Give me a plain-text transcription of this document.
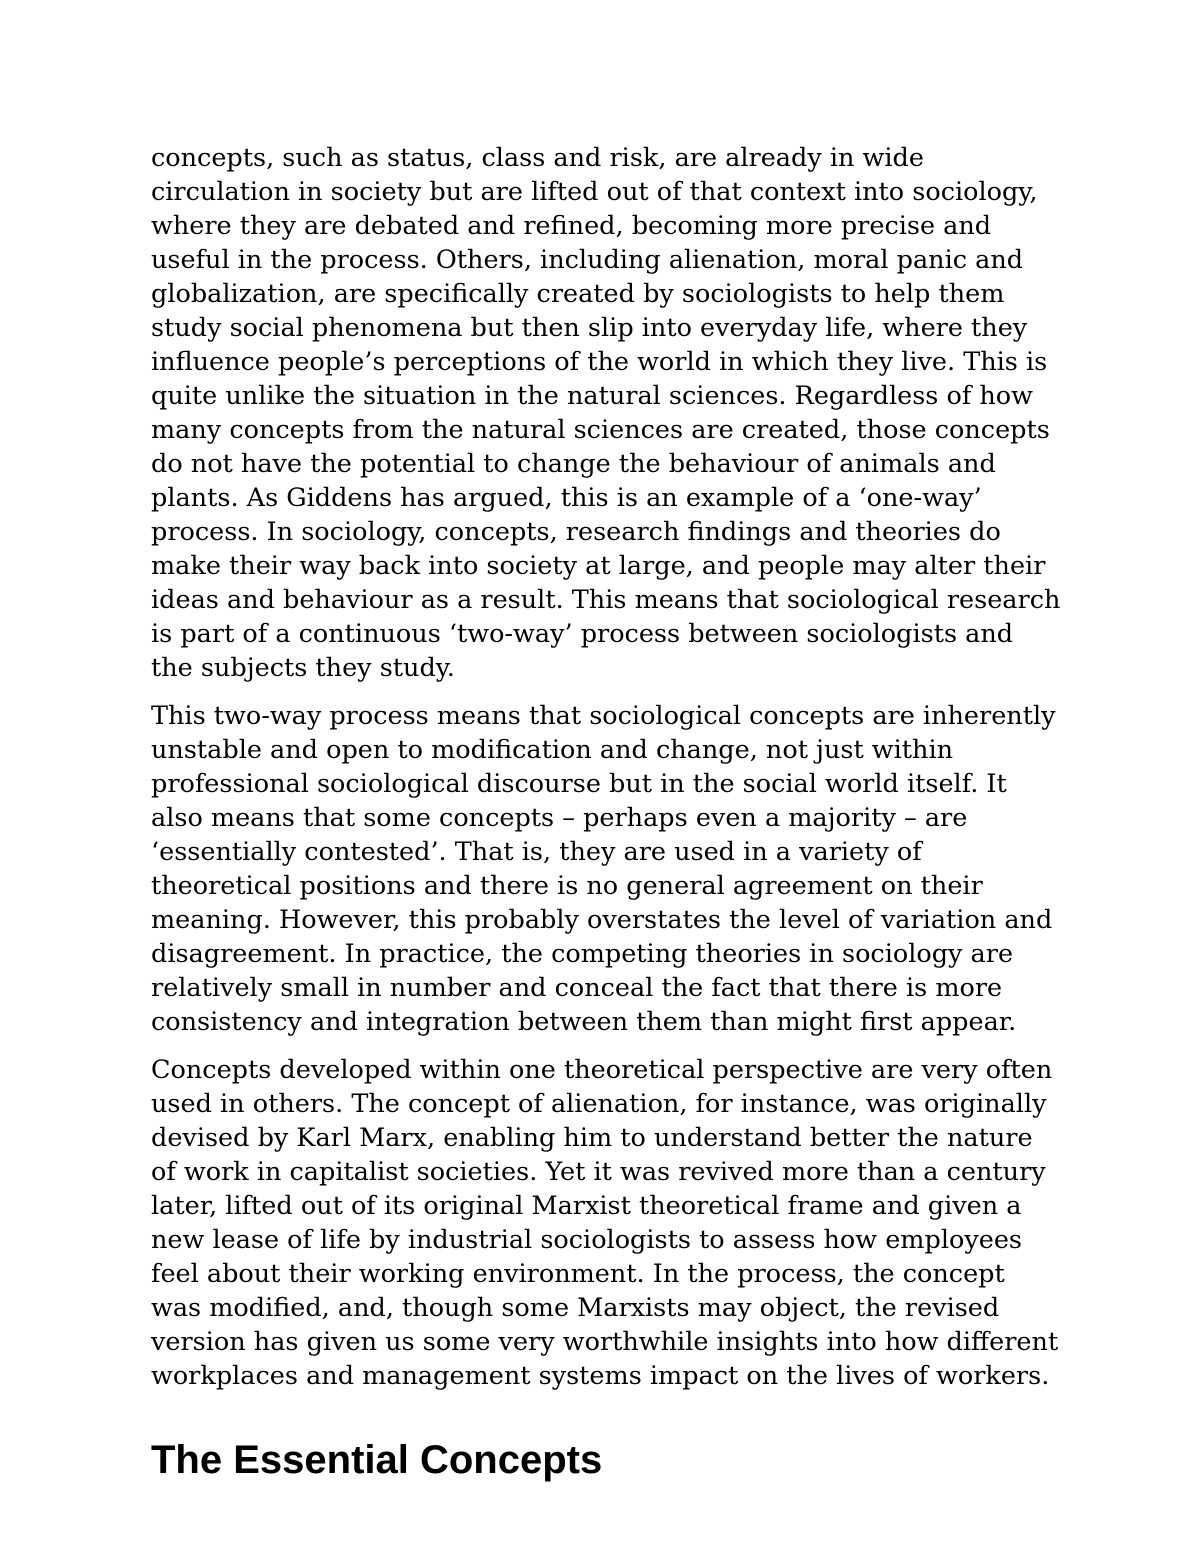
concepts, such as status, class and risk, are already in wide circulation in society but are lifted out of that context into sociology, where they are debated and refined, becoming more precise and useful in the process. Others, including alienation, moral panic and globalization, are specifically created by sociologists to help them study social phenomena but then slip into everyday life, where they influence people’s perceptions of the world in which they live. This is quite unlike the situation in the natural sciences. Regardless of how many concepts from the natural sciences are created, those concepts do not have the potential to change the behaviour of animals and plants. As Giddens has argued, this is an example of a ‘one-way’ process. In sociology, concepts, research findings and theories do make their way back into society at large, and people may alter their ideas and behaviour as a result. This means that sociological research is part of a continuous ‘two-way’ process between sociologists and the subjects they study.

This two-way process means that sociological concepts are inherently unstable and open to modification and change, not just within professional sociological discourse but in the social world itself. It also means that some concepts – perhaps even a majority – are ‘essentially contested’. That is, they are used in a variety of theoretical positions and there is no general agreement on their meaning. However, this probably overstates the level of variation and disagreement. In practice, the competing theories in sociology are relatively small in number and conceal the fact that there is more consistency and integration between them than might first appear.

Concepts developed within one theoretical perspective are very often used in others. The concept of alienation, for instance, was originally devised by Karl Marx, enabling him to understand better the nature of work in capitalist societies. Yet it was revived more than a century later, lifted out of its original Marxist theoretical frame and given a new lease of life by industrial sociologists to assess how employees feel about their working environment. In the process, the concept was modified, and, though some Marxists may object, the revised version has given us some very worthwhile insights into how different workplaces and management systems impact on the lives of workers.

The Essential Concepts
